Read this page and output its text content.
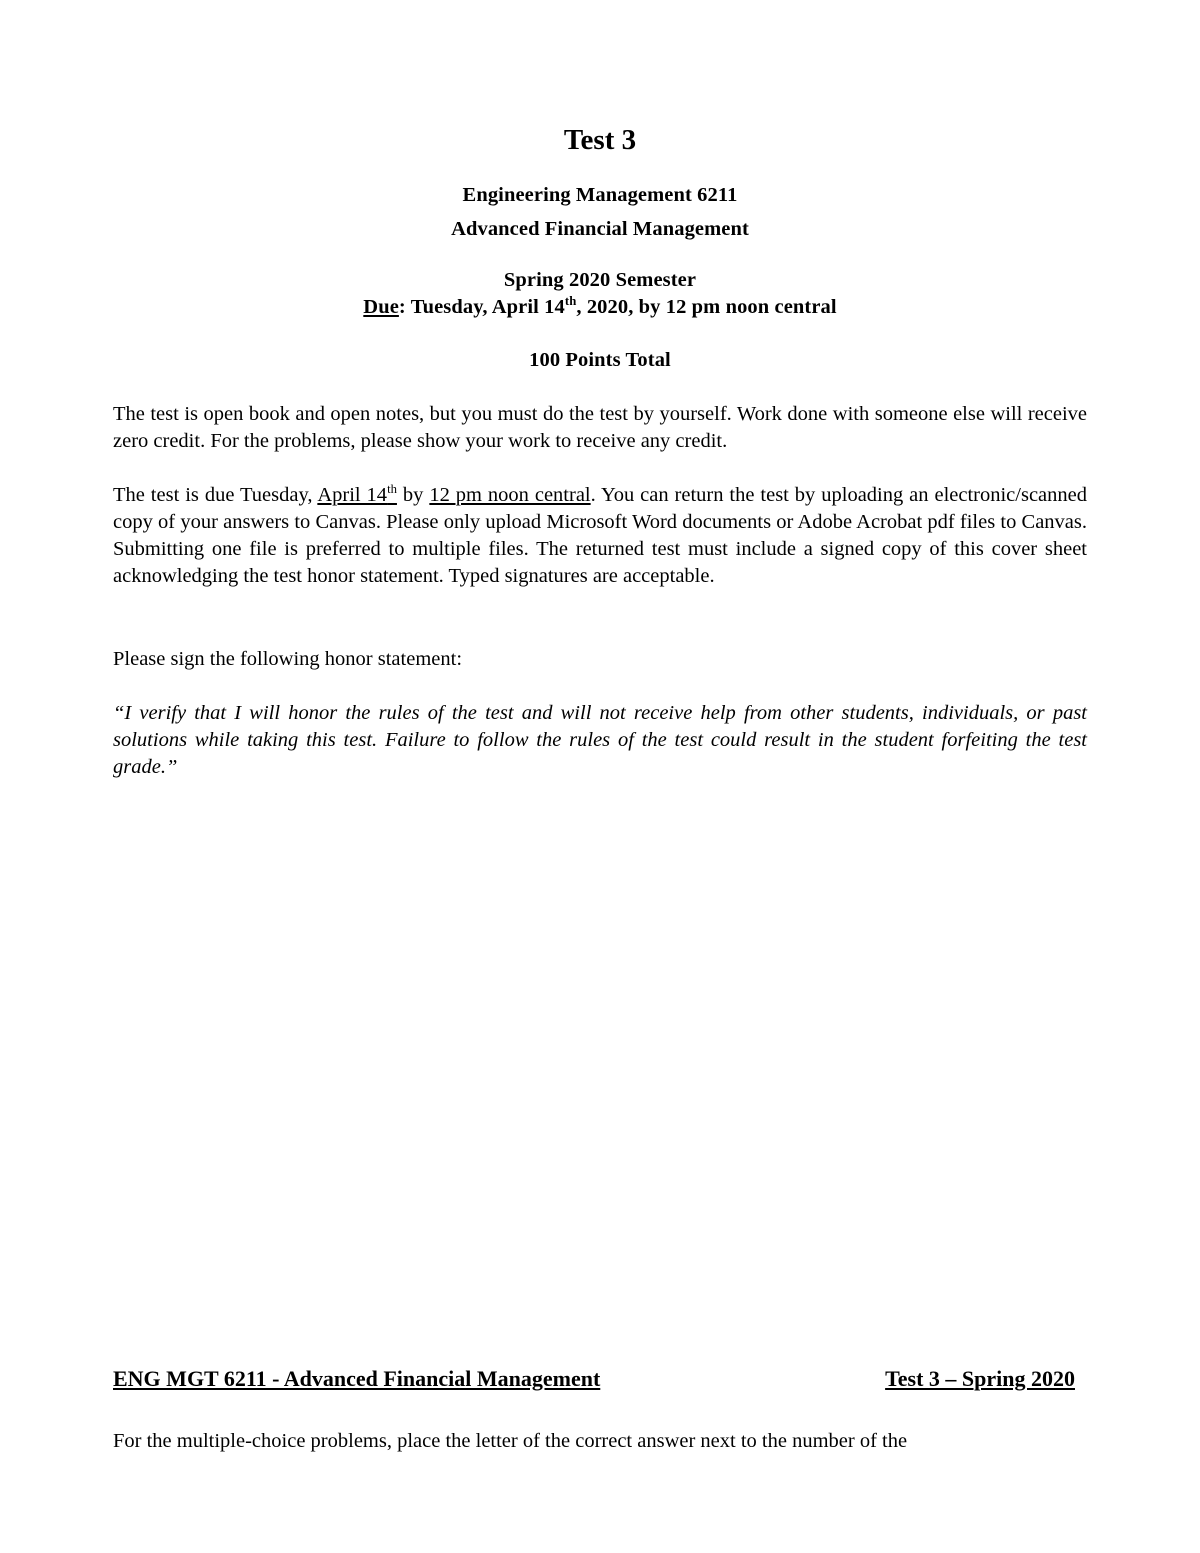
Test 3
Engineering Management 6211
Advanced Financial Management
Spring 2020 Semester
Due: Tuesday, April 14th, 2020, by 12 pm noon central
100 Points Total
The test is open book and open notes, but you must do the test by yourself. Work done with someone else will receive zero credit. For the problems, please show your work to receive any credit.
The test is due Tuesday, April 14th by 12 pm noon central. You can return the test by uploading an electronic/scanned copy of your answers to Canvas. Please only upload Microsoft Word documents or Adobe Acrobat pdf files to Canvas. Submitting one file is preferred to multiple files. The returned test must include a signed copy of this cover sheet acknowledging the test honor statement. Typed signatures are acceptable.
Please sign the following honor statement:
“I verify that I will honor the rules of the test and will not receive help from other students, individuals, or past solutions while taking this test. Failure to follow the rules of the test could result in the student forfeiting the test grade.”
ENG MGT 6211 - Advanced Financial Management	Test 3 – Spring 2020
For the multiple-choice problems, place the letter of the correct answer next to the number of the
